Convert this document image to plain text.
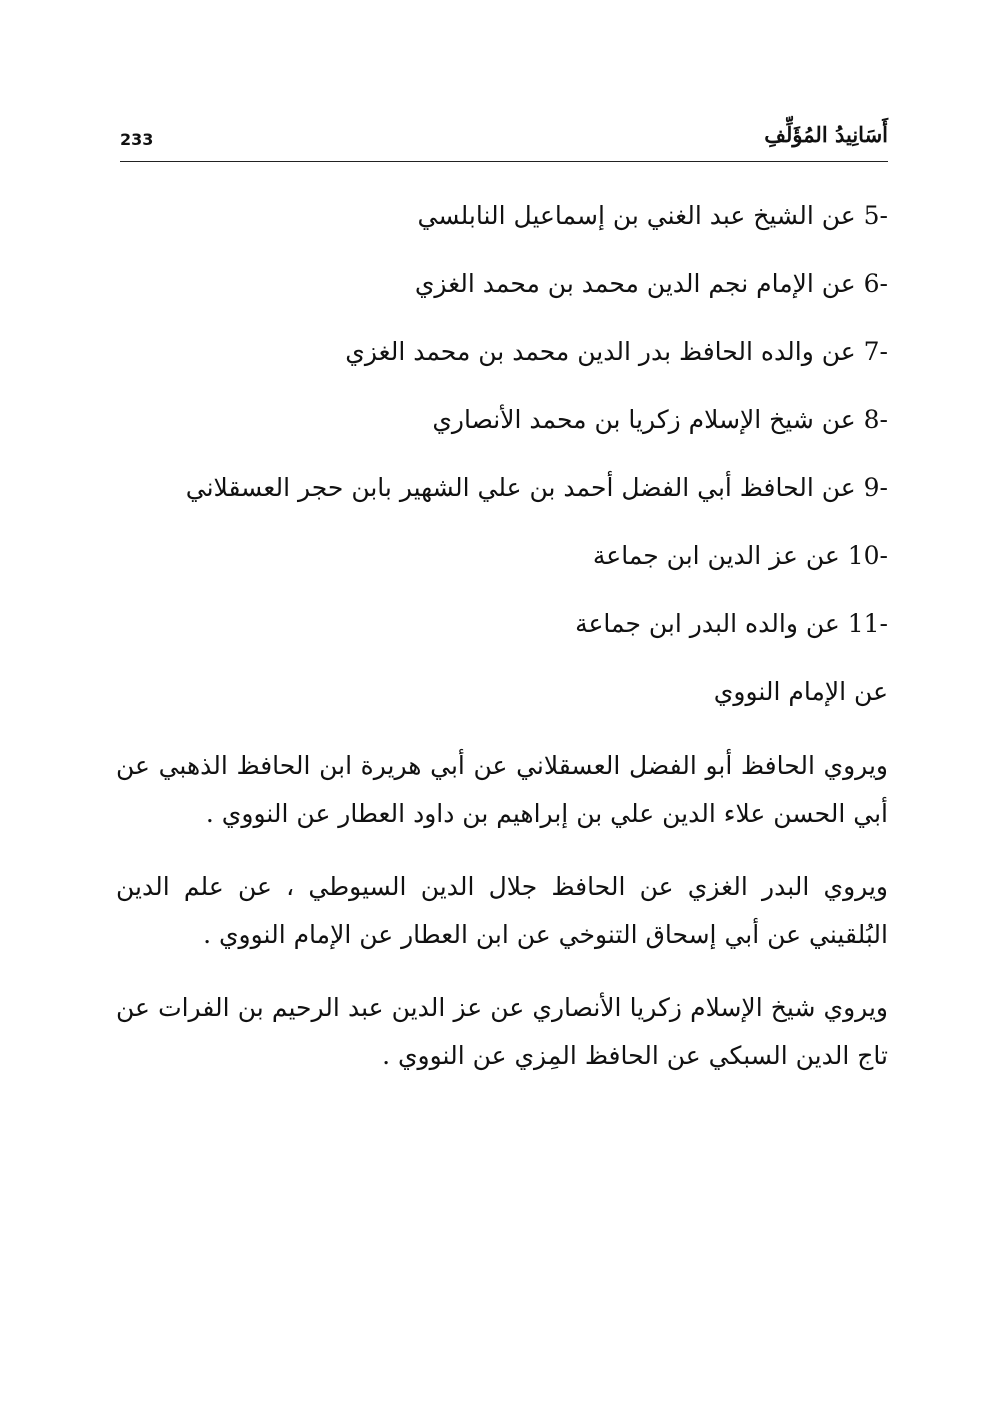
233	أَسَانِيدُ المُؤَلِّفِ
-5 عن الشيخ عبد الغني بن إسماعيل النابلسي
-6 عن الإمام نجم الدين محمد بن محمد الغزي
-7 عن والده الحافظ بدر الدين محمد بن محمد الغزي
-8 عن شيخ الإسلام زكريا بن محمد الأنصاري
-9 عن الحافظ أبي الفضل أحمد بن علي الشهير بابن حجر العسقلاني
-10 عن عز الدين ابن جماعة
-11 عن والده البدر ابن جماعة
عن الإمام النووي

ويروي الحافظ أبو الفضل العسقلاني عن أبي هريرة ابن الحافظ الذهبي عن أبي الحسن علاء الدين علي بن إبراهيم بن داود العطار عن النووي .

ويروي البدر الغزي عن الحافظ جلال الدين السيوطي ، عن علم الدين البُلقيني عن أبي إسحاق التنوخي عن ابن العطار عن الإمام النووي .

ويروي شيخ الإسلام زكريا الأنصاري عن عز الدين عبد الرحيم بن الفرات عن تاج الدين السبكي عن الحافظ المِزي عن النووي .
